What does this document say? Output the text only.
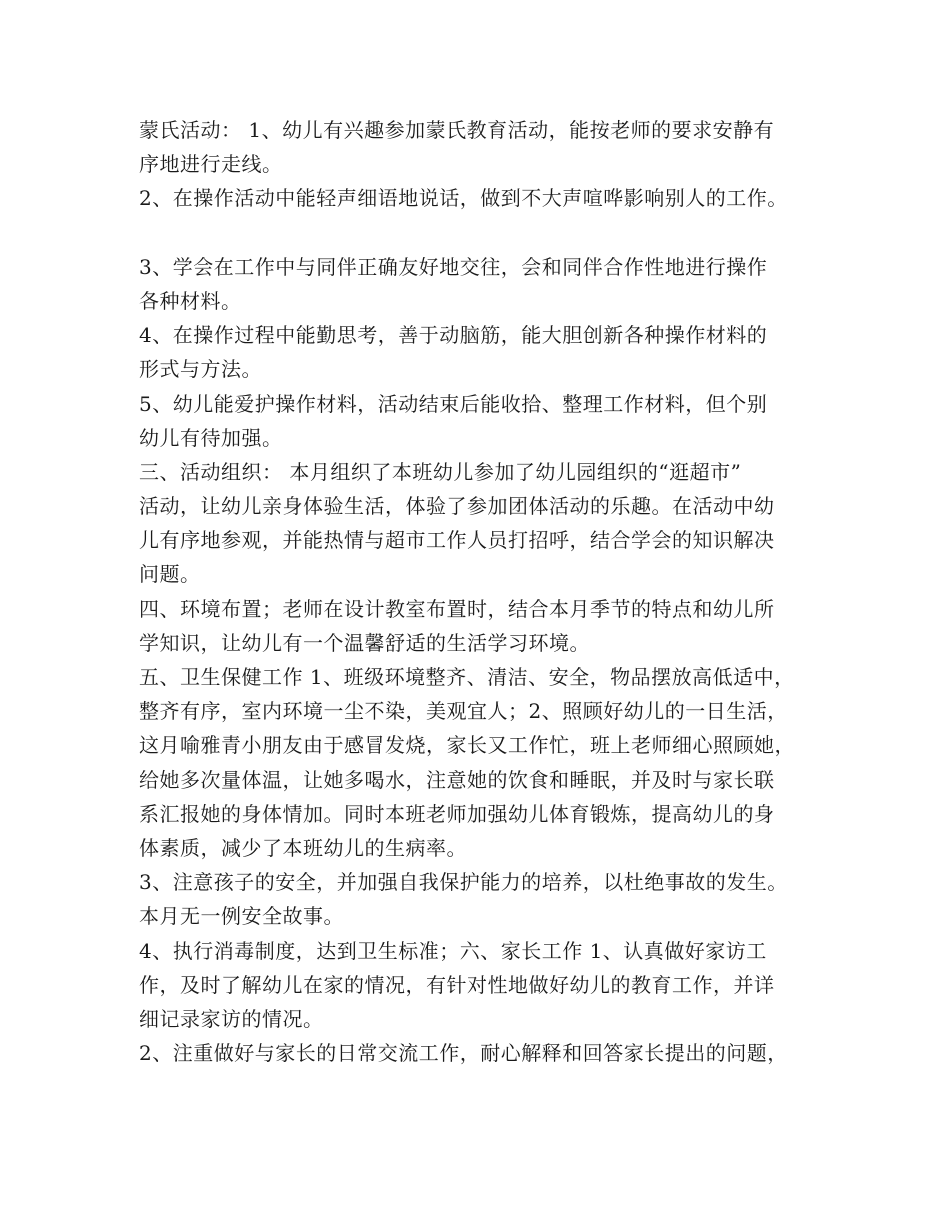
蒙氏活动： 1、幼儿有兴趣参加蒙氏教育活动，能按老师的要求安静有
序地进行走线。
2、在操作活动中能轻声细语地说话，做到不大声喧哗影响别人的工作。
3、学会在工作中与同伴正确友好地交往，会和同伴合作性地进行操作
各种材料。
4、在操作过程中能勤思考，善于动脑筋，能大胆创新各种操作材料的
形式与方法。
5、幼儿能爱护操作材料，活动结束后能收拾、整理工作材料，但个别
幼儿有待加强。
三、活动组织： 本月组织了本班幼儿参加了幼儿园组织的“逛超市”
活动，让幼儿亲身体验生活，体验了参加团体活动的乐趣。在活动中幼
儿有序地参观，并能热情与超市工作人员打招呼，结合学会的知识解决
问题。
四、环境布置；老师在设计教室布置时，结合本月季节的特点和幼儿所
学知识，让幼儿有一个温馨舒适的生活学习环境。
五、卫生保健工作 1、班级环境整齐、清洁、安全，物品摆放高低适中，
整齐有序，室内环境一尘不染，美观宜人；2、照顾好幼儿的一日生活，
这月喻雅青小朋友由于感冒发烧，家长又工作忙，班上老师细心照顾她，
给她多次量体温，让她多喝水，注意她的饮食和睡眠，并及时与家长联
系汇报她的身体情加。同时本班老师加强幼儿体育锻炼，提高幼儿的身
体素质，减少了本班幼儿的生病率。
3、注意孩子的安全，并加强自我保护能力的培养，以杜绝事故的发生。
本月无一例安全故事。
4、执行消毒制度，达到卫生标准；六、家长工作 1、认真做好家访工
作，及时了解幼儿在家的情况，有针对性地做好幼儿的教育工作，并详
细记录家访的情况。
2、注重做好与家长的日常交流工作，耐心解释和回答家长提出的问题，
